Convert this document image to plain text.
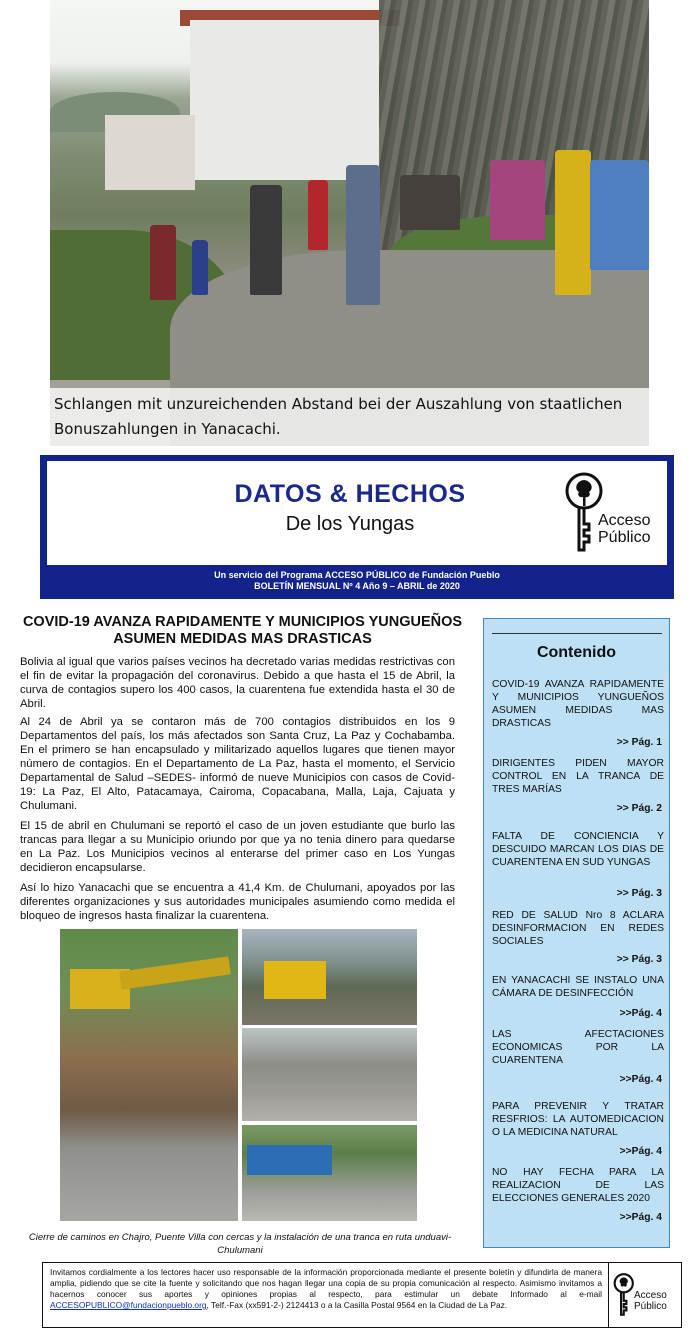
Schlangen mit unzureichenden Abstand bei der Auszahlung von staatlichen
Bonuszahlungen in Yanacachi.
DATOS & HECHOS
De los Yungas	Acceso
Público
Un servicio del Programa ACCESO PÚBLICO de Fundación Pueblo
BOLETÍN MENSUAL Nº 4 Año 9 – ABRIL de 2020
COVID-19 AVANZA RAPIDAMENTE Y MUNICIPIOS YUNGUEÑOS
ASUMEN MEDIDAS MAS DRASTICAS
Bolivia al igual que varios países vecinos ha decretado varias medidas restrictivas con el fin de evitar la propagación del coronavirus. Debido a que hasta el 15 de Abril, la curva de contagios supero los 400 casos, la cuarentena fue extendida hasta el 30 de Abril.
Al 24 de Abril ya se contaron más de 700 contagios distribuidos en los 9 Departamentos del país, los más afectados son Santa Cruz, La Paz y Cochabamba. En el primero se han encapsulado y militarizado aquellos lugares que tienen mayor número de contagios. En el Departamento de La Paz, hasta el momento, el Servicio Departamental de Salud –SEDES- informó de nueve Municipios con casos de Covid-19: La Paz, El Alto, Patacamaya, Cairoma, Copacabana, Malla, Laja, Cajuata y Chulumani.
El 15 de abril en Chulumani se reportó el caso de un joven estudiante que burlo las trancas para llegar a su Municipio oriundo por que ya no tenia dinero para quedarse en La Paz. Los Municipios vecinos al enterarse del primer caso en Los Yungas decidieron encapsularse.
Así lo hizo Yanacachi que se encuentra a 41,4 Km. de Chulumani, apoyados por las diferentes organizaciones y sus autoridades municipales asumiendo como medida el bloqueo de ingresos hasta finalizar la cuarentena.
Cierre de caminos en Chajro, Puente Villa con cercas y la instalación de una tranca en ruta unduavi-
Chulumani
Contenido
COVID-19 AVANZA RAPIDAMENTE Y MUNICIPIOS YUNGUEÑOS ASUMEN MEDIDAS MAS DRASTICAS
>> Pág. 1
DIRIGENTES PIDEN MAYOR CONTROL EN LA TRANCA DE TRES MARÍAS
>> Pág. 2
FALTA DE CONCIENCIA Y DESCUIDO MARCAN LOS DIAS DE CUARENTENA EN SUD YUNGAS
>> Pág. 3
RED DE SALUD Nro 8 ACLARA DESINFORMACION EN REDES SOCIALES
>> Pág. 3
EN YANACACHI SE INSTALO UNA CÁMARA DE DESINFECCIÓN
>>Pág. 4
LAS AFECTACIONES ECONOMICAS POR LA CUARENTENA
>>Pág. 4
PARA PREVENIR Y TRATAR RESFRIOS: LA AUTOMEDICACION O LA MEDICINA NATURAL
>>Pág. 4
NO HAY FECHA PARA LA REALIZACION DE LAS ELECCIONES GENERALES 2020
>>Pág. 4
Invitamos cordialmente a los lectores hacer uso responsable de la información proporcionada mediante el presente boletín y difundirla de manera amplia, pidiendo que se cite la fuente y solicitando que nos hagan llegar una copia de su propia comunicación al respecto. Asimismo invitamos a hacernos conocer sus aportes y opiniones propias al respecto, para estimular un debate Informado al e-mail ACCESOPUBLICO@fundacionpueblo.org, Telf.-Fax (xx591-2-) 2124413 o a la Casilla Postal 9564 en la Ciudad de La Paz.
Acceso
Público
